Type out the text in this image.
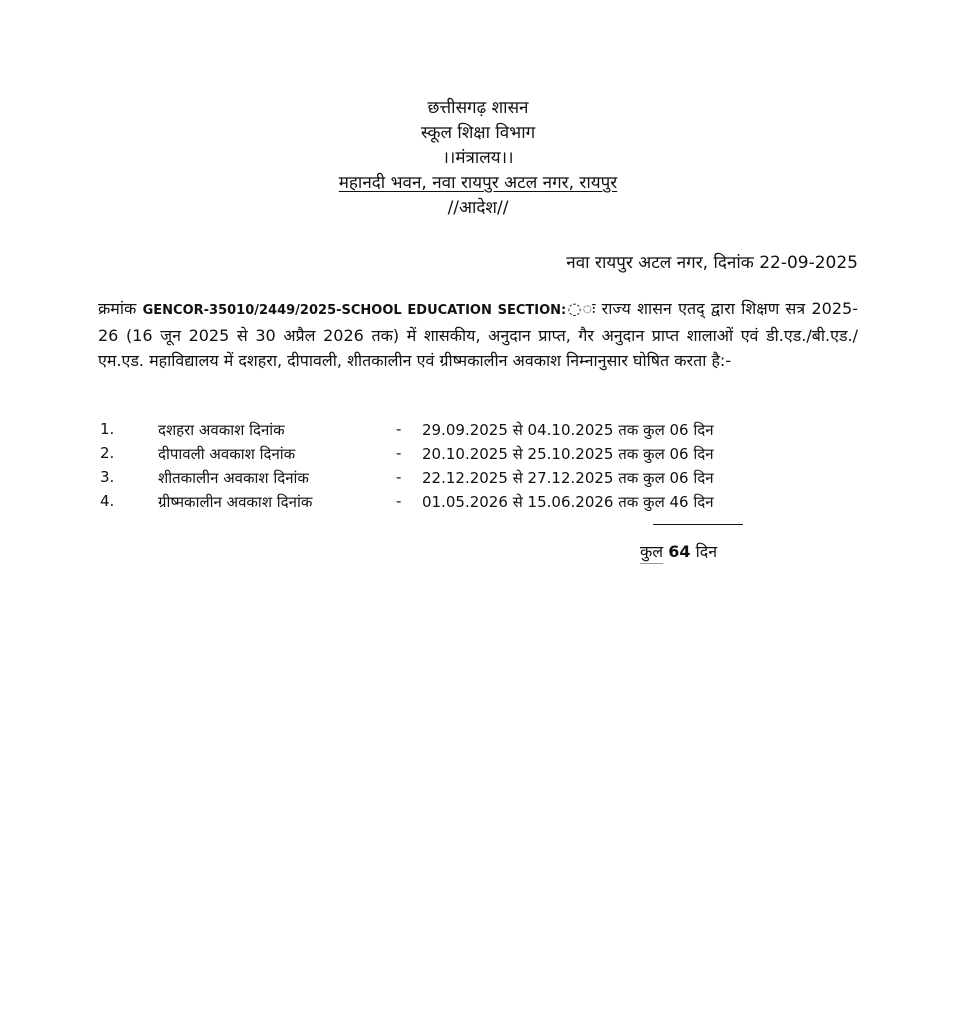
छत्तीसगढ़ शासन
स्कूल शिक्षा विभाग
।।मंत्रालय।।
महानदी भवन, नवा रायपुर अटल नगर, रायपुर
//आदेश//
नवा रायपुर अटल नगर, दिनांक 22-09-2025

क्रमांक GENCOR-35010/2449/2025-SCHOOL EDUCATION SECTION:◌ः राज्य शासन एतद् द्वारा शिक्षण सत्र 2025-26 (16 जून 2025 से 30 अप्रैल 2026 तक) में शासकीय, अनुदान प्राप्त, गैर अनुदान प्राप्त शालाओं एवं डी.एड./बी.एड./ एम.एड. महाविद्यालय में दशहरा, दीपावली, शीतकालीन एवं ग्रीष्मकालीन अवकाश निम्नानुसार घोषित करता है:-

1.	दशहरा अवकाश दिनांक	- 29.09.2025 से 04.10.2025 तक कुल 06 दिन
2.	दीपावली अवकाश दिनांक	- 20.10.2025 से 25.10.2025 तक कुल 06 दिन
3.	शीतकालीन अवकाश दिनांक	- 22.12.2025 से 27.12.2025 तक कुल 06 दिन
4.	ग्रीष्मकालीन अवकाश दिनांक	- 01.05.2026 से 15.06.2026 तक कुल 46 दिन
कुल 64 दिन
